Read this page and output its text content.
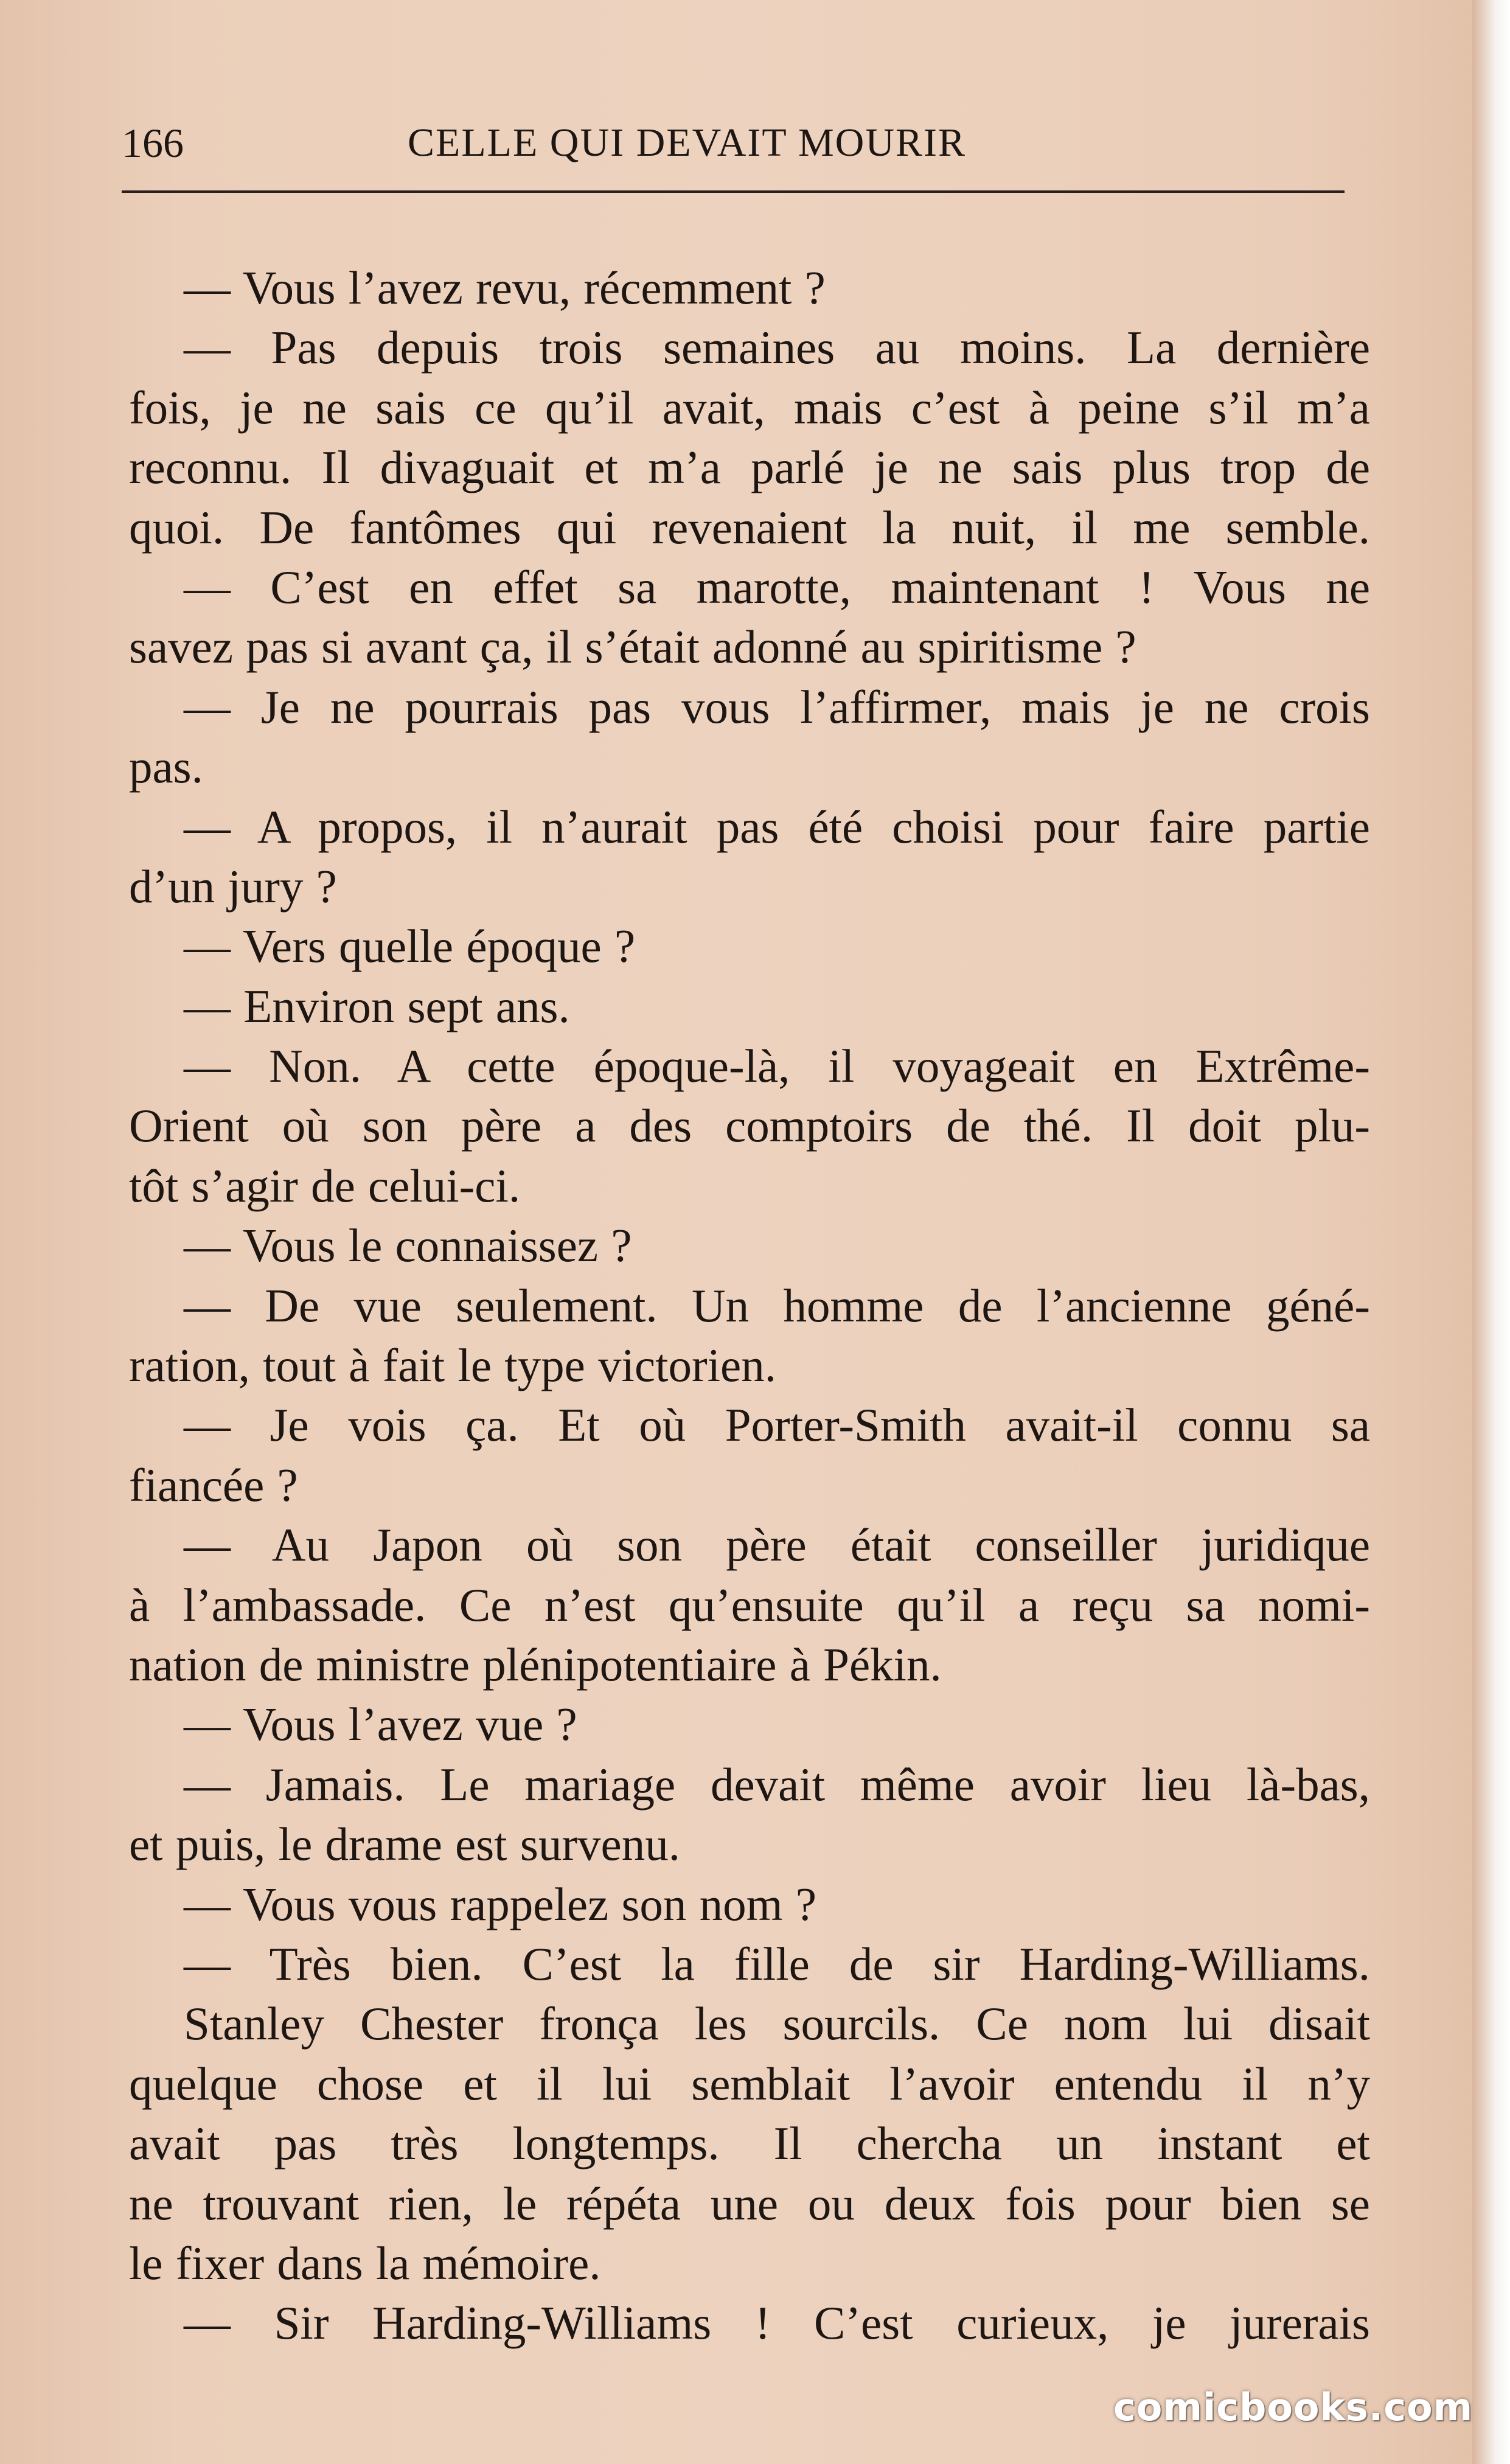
166	CELLE QUI DEVAIT MOURIR
— Vous l’avez revu, récemment ?
— Pas depuis trois semaines au moins. La dernière
fois, je ne sais ce qu’il avait, mais c’est à peine s’il m’a
reconnu. Il divaguait et m’a parlé je ne sais plus trop de
quoi. De fantômes qui revenaient la nuit, il me semble.
— C’est en effet sa marotte, maintenant ! Vous ne
savez pas si avant ça, il s’était adonné au spiritisme ?
— Je ne pourrais pas vous l’affirmer, mais je ne crois
pas.
— A propos, il n’aurait pas été choisi pour faire partie
d’un jury ?
— Vers quelle époque ?
— Environ sept ans.
— Non. A cette époque-là, il voyageait en Extrême-
Orient où son père a des comptoirs de thé. Il doit plu-
tôt s’agir de celui-ci.
— Vous le connaissez ?
— De vue seulement. Un homme de l’ancienne géné-
ration, tout à fait le type victorien.
— Je vois ça. Et où Porter-Smith avait-il connu sa
fiancée ?
— Au Japon où son père était conseiller juridique
à l’ambassade. Ce n’est qu’ensuite qu’il a reçu sa nomi-
nation de ministre plénipotentiaire à Pékin.
— Vous l’avez vue ?
— Jamais. Le mariage devait même avoir lieu là-bas,
et puis, le drame est survenu.
— Vous vous rappelez son nom ?
— Très bien. C’est la fille de sir Harding-Williams.
Stanley Chester fronça les sourcils. Ce nom lui disait
quelque chose et il lui semblait l’avoir entendu il n’y
avait pas très longtemps. Il chercha un instant et
ne trouvant rien, le répéta une ou deux fois pour bien se
le fixer dans la mémoire.
— Sir Harding-Williams ! C’est curieux, je jurerais
comicbooks.com
